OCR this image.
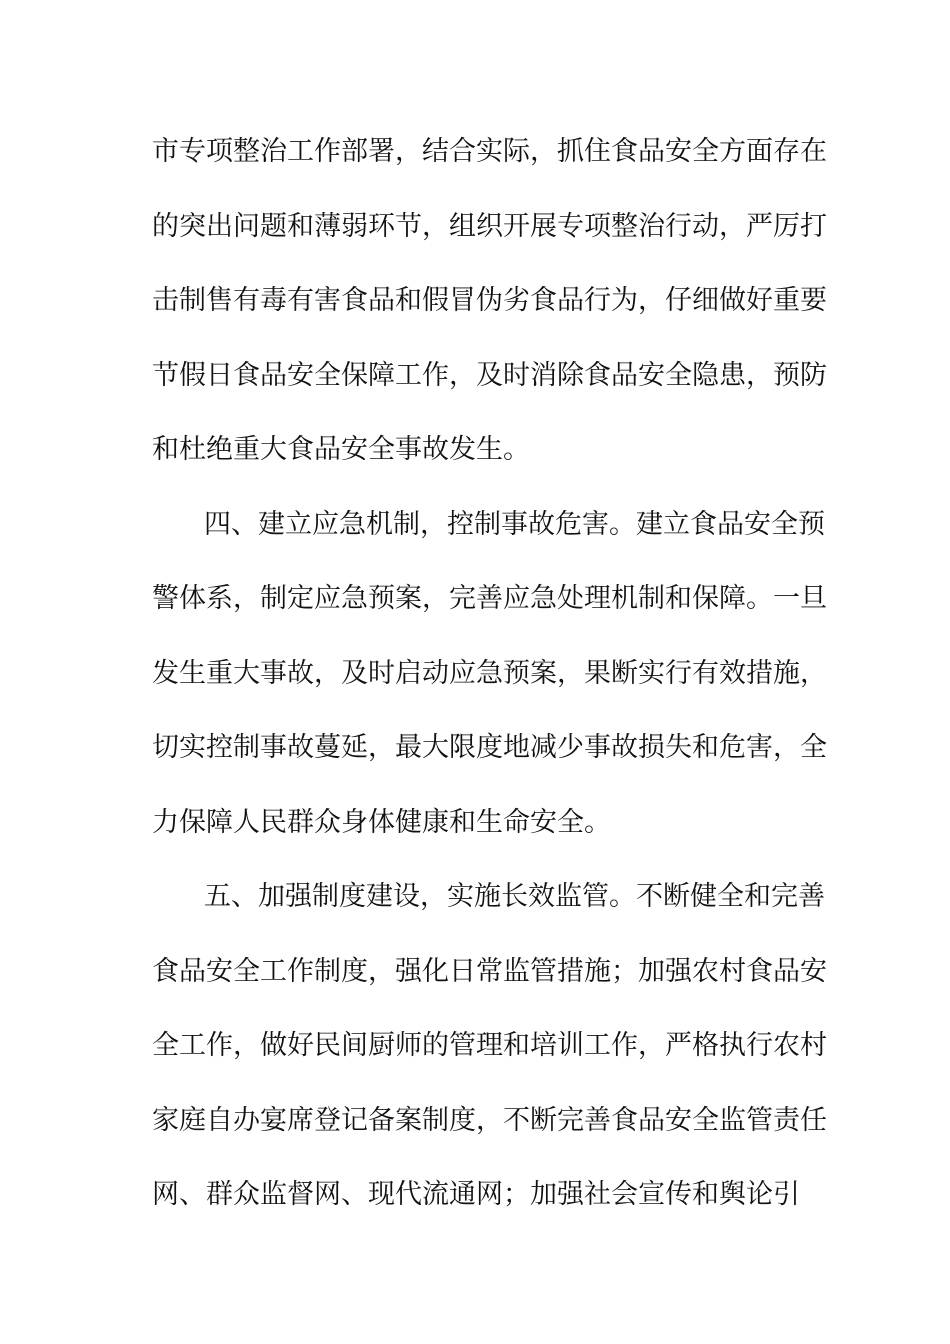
市专项整治工作部署，结合实际，抓住食品安全方面存在
的突出问题和薄弱环节，组织开展专项整治行动，严厉打
击制售有毒有害食品和假冒伪劣食品行为，仔细做好重要
节假日食品安全保障工作，及时消除食品安全隐患，预防
和杜绝重大食品安全事故发生。
四、建立应急机制，控制事故危害。建立食品安全预
警体系，制定应急预案，完善应急处理机制和保障。一旦
发生重大事故，及时启动应急预案，果断实行有效措施，
切实控制事故蔓延，最大限度地减少事故损失和危害，全
力保障人民群众身体健康和生命安全。
五、加强制度建设，实施长效监管。不断健全和完善
食品安全工作制度，强化日常监管措施；加强农村食品安
全工作，做好民间厨师的管理和培训工作，严格执行农村
家庭自办宴席登记备案制度，不断完善食品安全监管责任
网、群众监督网、现代流通网；加强社会宣传和舆论引
